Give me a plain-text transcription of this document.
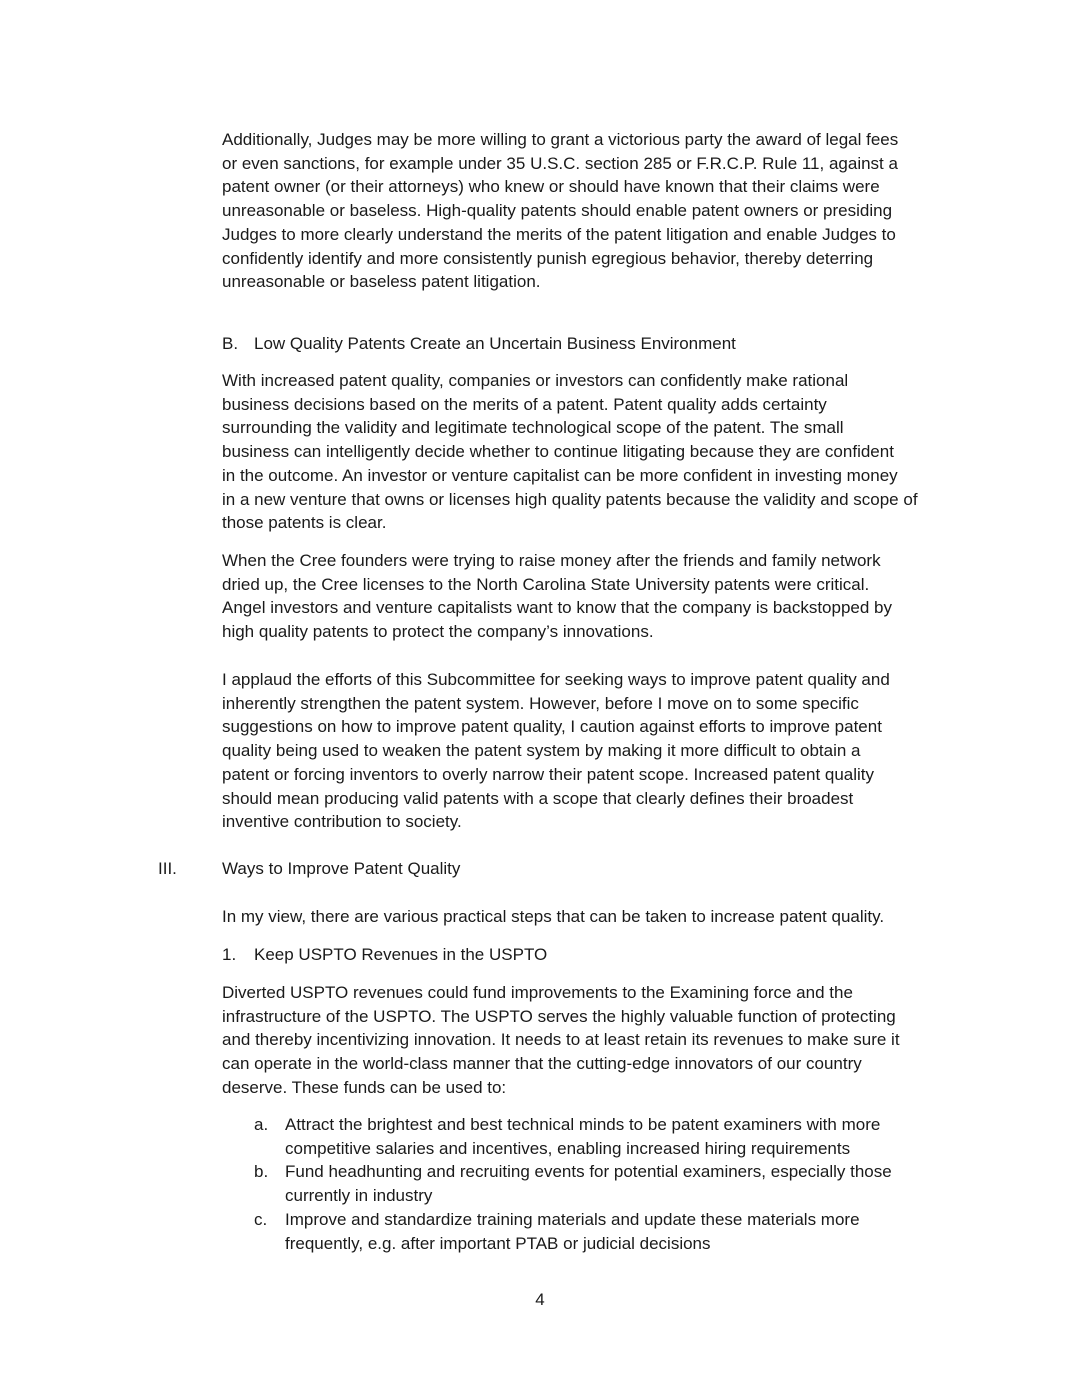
Additionally, Judges may be more willing to grant a victorious party the award of legal fees
or even sanctions, for example under 35 U.S.C. section 285 or F.R.C.P. Rule 11, against a
patent owner (or their attorneys) who knew or should have known that their claims were
unreasonable or baseless. High-quality patents should enable patent owners or presiding
Judges to more clearly understand the merits of the patent litigation and enable Judges to
confidently identify and more consistently punish egregious behavior, thereby deterring
unreasonable or baseless patent litigation.

B. Low Quality Patents Create an Uncertain Business Environment

With increased patent quality, companies or investors can confidently make rational
business decisions based on the merits of a patent. Patent quality adds certainty
surrounding the validity and legitimate technological scope of the patent. The small
business can intelligently decide whether to continue litigating because they are confident
in the outcome. An investor or venture capitalist can be more confident in investing money
in a new venture that owns or licenses high quality patents because the validity and scope of
those patents is clear.

When the Cree founders were trying to raise money after the friends and family network
dried up, the Cree licenses to the North Carolina State University patents were critical.
Angel investors and venture capitalists want to know that the company is backstopped by
high quality patents to protect the company’s innovations.

I applaud the efforts of this Subcommittee for seeking ways to improve patent quality and
inherently strengthen the patent system. However, before I move on to some specific
suggestions on how to improve patent quality, I caution against efforts to improve patent
quality being used to weaken the patent system by making it more difficult to obtain a
patent or forcing inventors to overly narrow their patent scope. Increased patent quality
should mean producing valid patents with a scope that clearly defines their broadest
inventive contribution to society.

III.	Ways to Improve Patent Quality

In my view, there are various practical steps that can be taken to increase patent quality.

1. Keep USPTO Revenues in the USPTO

Diverted USPTO revenues could fund improvements to the Examining force and the
infrastructure of the USPTO. The USPTO serves the highly valuable function of protecting
and thereby incentivizing innovation. It needs to at least retain its revenues to make sure it
can operate in the world-class manner that the cutting-edge innovators of our country
deserve. These funds can be used to:

a. Attract the brightest and best technical minds to be patent examiners with more
competitive salaries and incentives, enabling increased hiring requirements
b. Fund headhunting and recruiting events for potential examiners, especially those
currently in industry
c. Improve and standardize training materials and update these materials more
frequently, e.g. after important PTAB or judicial decisions
4
